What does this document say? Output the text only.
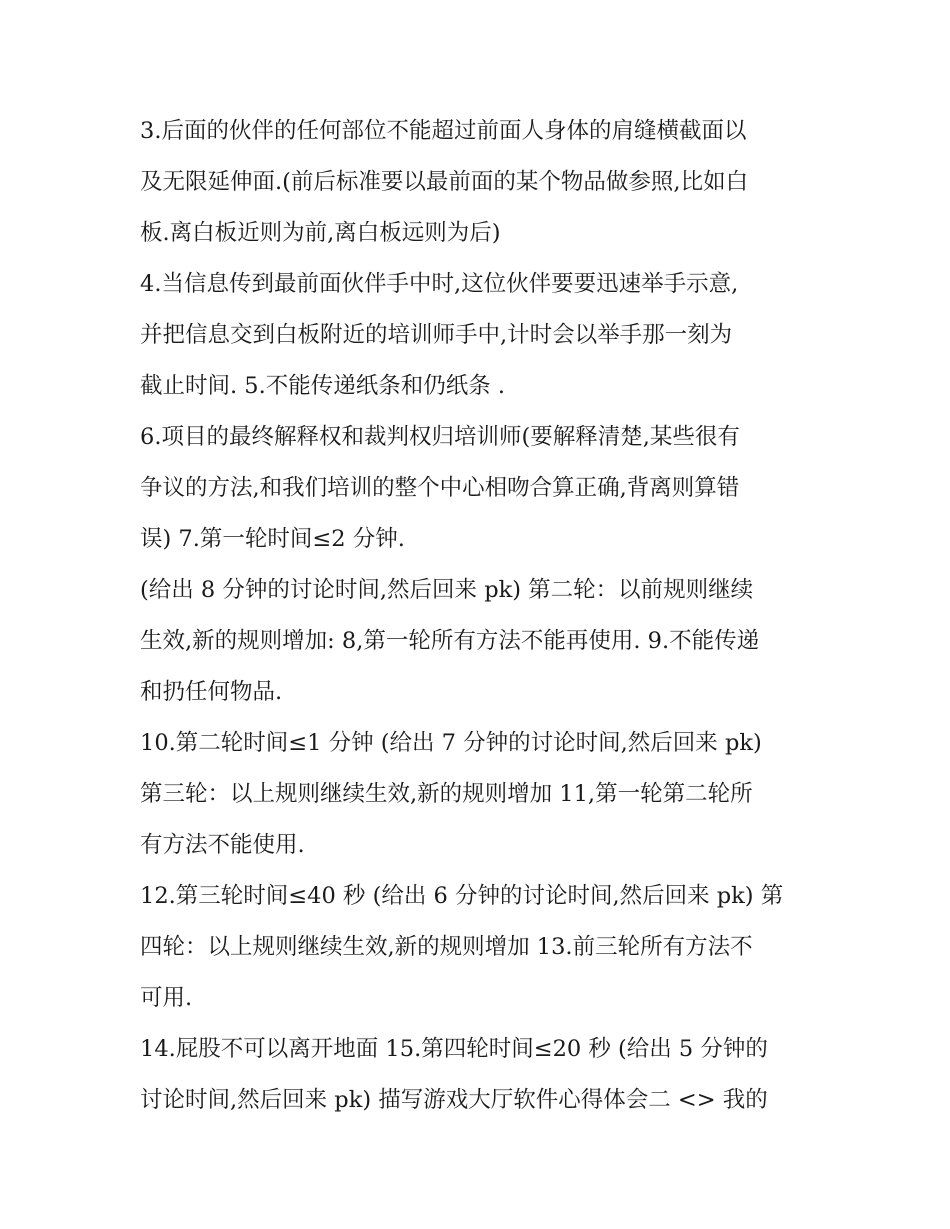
3.后面的伙伴的任何部位不能超过前面人身体的肩缝横截面以
及无限延伸面.(前后标准要以最前面的某个物品做参照,比如白
板.离白板近则为前,离白板远则为后)
4.当信息传到最前面伙伴手中时,这位伙伴要要迅速举手示意,
并把信息交到白板附近的培训师手中,计时会以举手那一刻为
截止时间. 5.不能传递纸条和仍纸条 .
6.项目的最终解释权和裁判权归培训师(要解释清楚,某些很有
争议的方法,和我们培训的整个中心相吻合算正确,背离则算错
误) 7.第一轮时间≤2 分钟.
(给出 8 分钟的讨论时间,然后回来 pk) 第二轮：以前规则继续
生效,新的规则增加: 8,第一轮所有方法不能再使用. 9.不能传递
和扔任何物品.
10.第二轮时间≤1 分钟 (给出 7 分钟的讨论时间,然后回来 pk)
第三轮：以上规则继续生效,新的规则增加 11,第一轮第二轮所
有方法不能使用.
12.第三轮时间≤40 秒 (给出 6 分钟的讨论时间,然后回来 pk) 第
四轮：以上规则继续生效,新的规则增加 13.前三轮所有方法不
可用.
14.屁股不可以离开地面 15.第四轮时间≤20 秒 (给出 5 分钟的
讨论时间,然后回来 pk) 描写游戏大厅软件心得体会二 <> 我的
